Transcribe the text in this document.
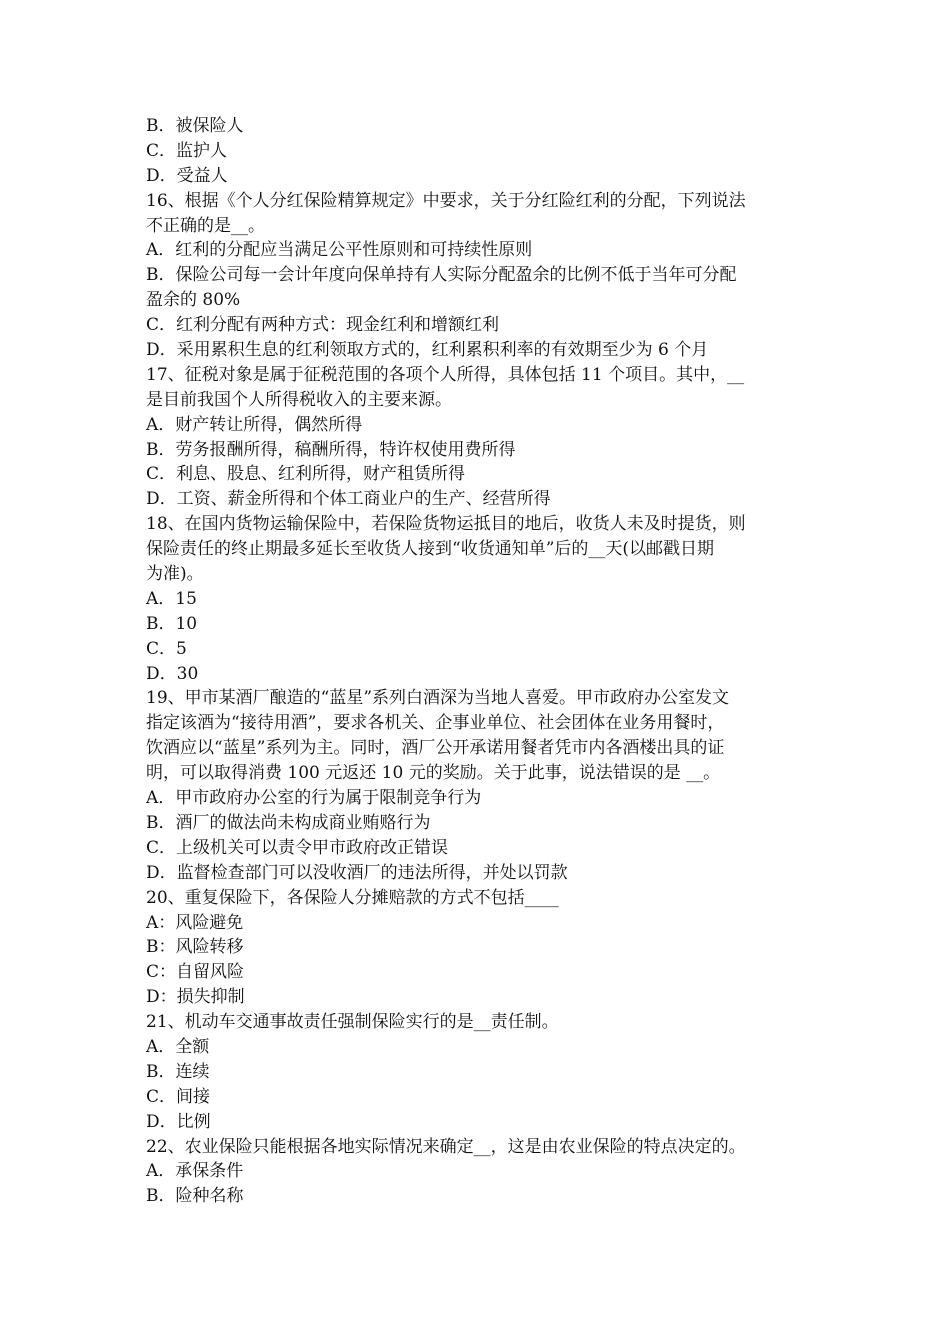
B．被保险人
C．监护人
D．受益人
16、根据《个人分红保险精算规定》中要求，关于分红险红利的分配，下列说法
不正确的是__。
A．红利的分配应当满足公平性原则和可持续性原则
B．保险公司每一会计年度向保单持有人实际分配盈余的比例不低于当年可分配
盈余的 80%
C．红利分配有两种方式：现金红利和增额红利
D．采用累积生息的红利领取方式的，红利累积利率的有效期至少为 6 个月
17、征税对象是属于征税范围的各项个人所得，具体包括 11 个项目。其中，__
是目前我国个人所得税收入的主要来源。
A．财产转让所得，偶然所得
B．劳务报酬所得，稿酬所得，特许权使用费所得
C．利息、股息、红利所得，财产租赁所得
D．工资、薪金所得和个体工商业户的生产、经营所得
18、在国内货物运输保险中，若保险货物运抵目的地后，收货人未及时提货，则
保险责任的终止期最多延长至收货人接到“收货通知单”后的__天(以邮戳日期
为准)。
A．15
B．10
C．5
D．30
19、甲市某酒厂酿造的“蓝星”系列白酒深为当地人喜爱。甲市政府办公室发文
指定该酒为“接待用酒”，要求各机关、企事业单位、社会团体在业务用餐时，
饮酒应以“蓝星”系列为主。同时，酒厂公开承诺用餐者凭市内各酒楼出具的证
明，可以取得消费 100 元返还 10 元的奖励。关于此事，说法错误的是 __。
A．甲市政府办公室的行为属于限制竞争行为
B．酒厂的做法尚未构成商业贿赂行为
C．上级机关可以责令甲市政府改正错误
D．监督检查部门可以没收酒厂的违法所得，并处以罚款
20、重复保险下，各保险人分摊赔款的方式不包括____
A：风险避免
B：风险转移
C：自留风险
D：损失抑制
21、机动车交通事故责任强制保险实行的是__责任制。
A．全额
B．连续
C．间接
D．比例
22、农业保险只能根据各地实际情况来确定__，这是由农业保险的特点决定的。
A．承保条件
B．险种名称
